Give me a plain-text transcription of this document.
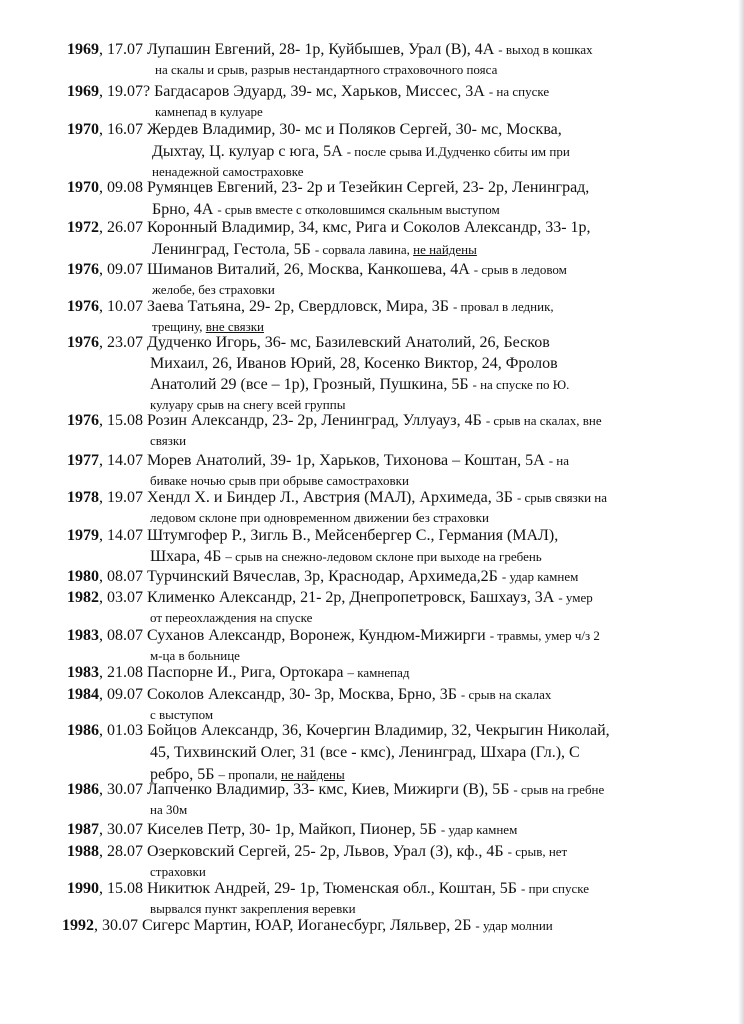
1969, 17.07 Лупашин Евгений, 28- 1р, Куйбышев, Урал (В), 4А - выход в кошках
на скалы и срыв, разрыв нестандартного страховочного пояса
1969, 19.07? Багдасаров Эдуард, 39- мс, Харьков, Миссес, 3А - на спуске
камнепад в кулуаре
1970, 16.07 Жердев Владимир, 30- мс и Поляков Сергей, 30- мс, Москва,
Дыхтау, Ц. кулуар с юга, 5А - после срыва И.Дудченко сбиты им при
ненадежной самостраховке
1970, 09.08 Румянцев Евгений, 23- 2р и Тезейкин Сергей, 23- 2р, Ленинград,
Брно, 4А - срыв вместе с отколовшимся скальным выступом
1972, 26.07 Коронный Владимир, 34, кмс, Рига и Соколов Александр, 33- 1р,
Ленинград, Гестола, 5Б - сорвала лавина, не найдены
1976, 09.07 Шиманов Виталий, 26, Москва, Канкошева, 4А - срыв в ледовом
желобе, без страховки
1976, 10.07 Заева Татьяна, 29- 2р, Свердловск, Мира, 3Б - провал в ледник,
трещину, вне связки
1976, 23.07 Дудченко Игорь, 36- мс, Базилевский Анатолий, 26, Бесков
Михаил, 26, Иванов Юрий, 28, Косенко Виктор, 24, Фролов
Анатолий 29 (все – 1р), Грозный, Пушкина, 5Б - на спуске по Ю.
кулуару срыв на снегу всей группы
1976, 15.08 Розин Александр, 23- 2р, Ленинград, Уллуауз, 4Б - срыв на скалах, вне
связки
1977, 14.07 Морев Анатолий, 39- 1р, Харьков, Тихонова – Коштан, 5А - на
биваке ночью срыв при обрыве самостраховки
1978, 19.07 Хендл Х. и Биндер Л., Австрия (МАЛ), Архимеда, 3Б - срыв связки на
ледовом склоне при одновременном движении без страховки
1979, 14.07 Штумгофер Р., Зигль В., Мейсенбергер С., Германия (МАЛ),
Шхара, 4Б – срыв на снежно-ледовом склоне при выходе на гребень
1980, 08.07 Турчинский Вячеслав, 3р, Краснодар, Архимеда,2Б - удар камнем
1982, 03.07 Клименко Александр, 21- 2р, Днепропетровск, Башхауз, 3А - умер
от переохлаждения на спуске
1983, 08.07 Суханов Александр, Воронеж, Кундюм-Мижирги - травмы, умер ч/з 2
м-ца в больнице
1983, 21.08 Паспорне И., Рига, Ортокара – камнепад
1984, 09.07 Соколов Александр, 30- 3р, Москва, Брно, 3Б - срыв на скалах
с выступом
1986, 01.03 Бойцов Александр, 36, Кочергин Владимир, 32, Чекрыгин Николай,
45, Тихвинский Олег, 31 (все - кмс), Ленинград, Шхара (Гл.), С
ребро, 5Б – пропали, не найдены
1986, 30.07 Лапченко Владимир, 33- кмс, Киев, Мижирги (В), 5Б - срыв на гребне
на 30м
1987, 30.07 Киселев Петр, 30- 1р, Майкоп, Пионер, 5Б - удар камнем
1988, 28.07 Озерковский Сергей, 25- 2р, Львов, Урал (З), кф., 4Б - срыв, нет
страховки
1990, 15.08 Никитюк Андрей, 29- 1р, Тюменская обл., Коштан, 5Б - при спуске
вырвался пункт закрепления веревки
1992, 30.07 Сигерс Мартин, ЮАР, Иоганесбург, Ляльвер, 2Б - удар молнии
